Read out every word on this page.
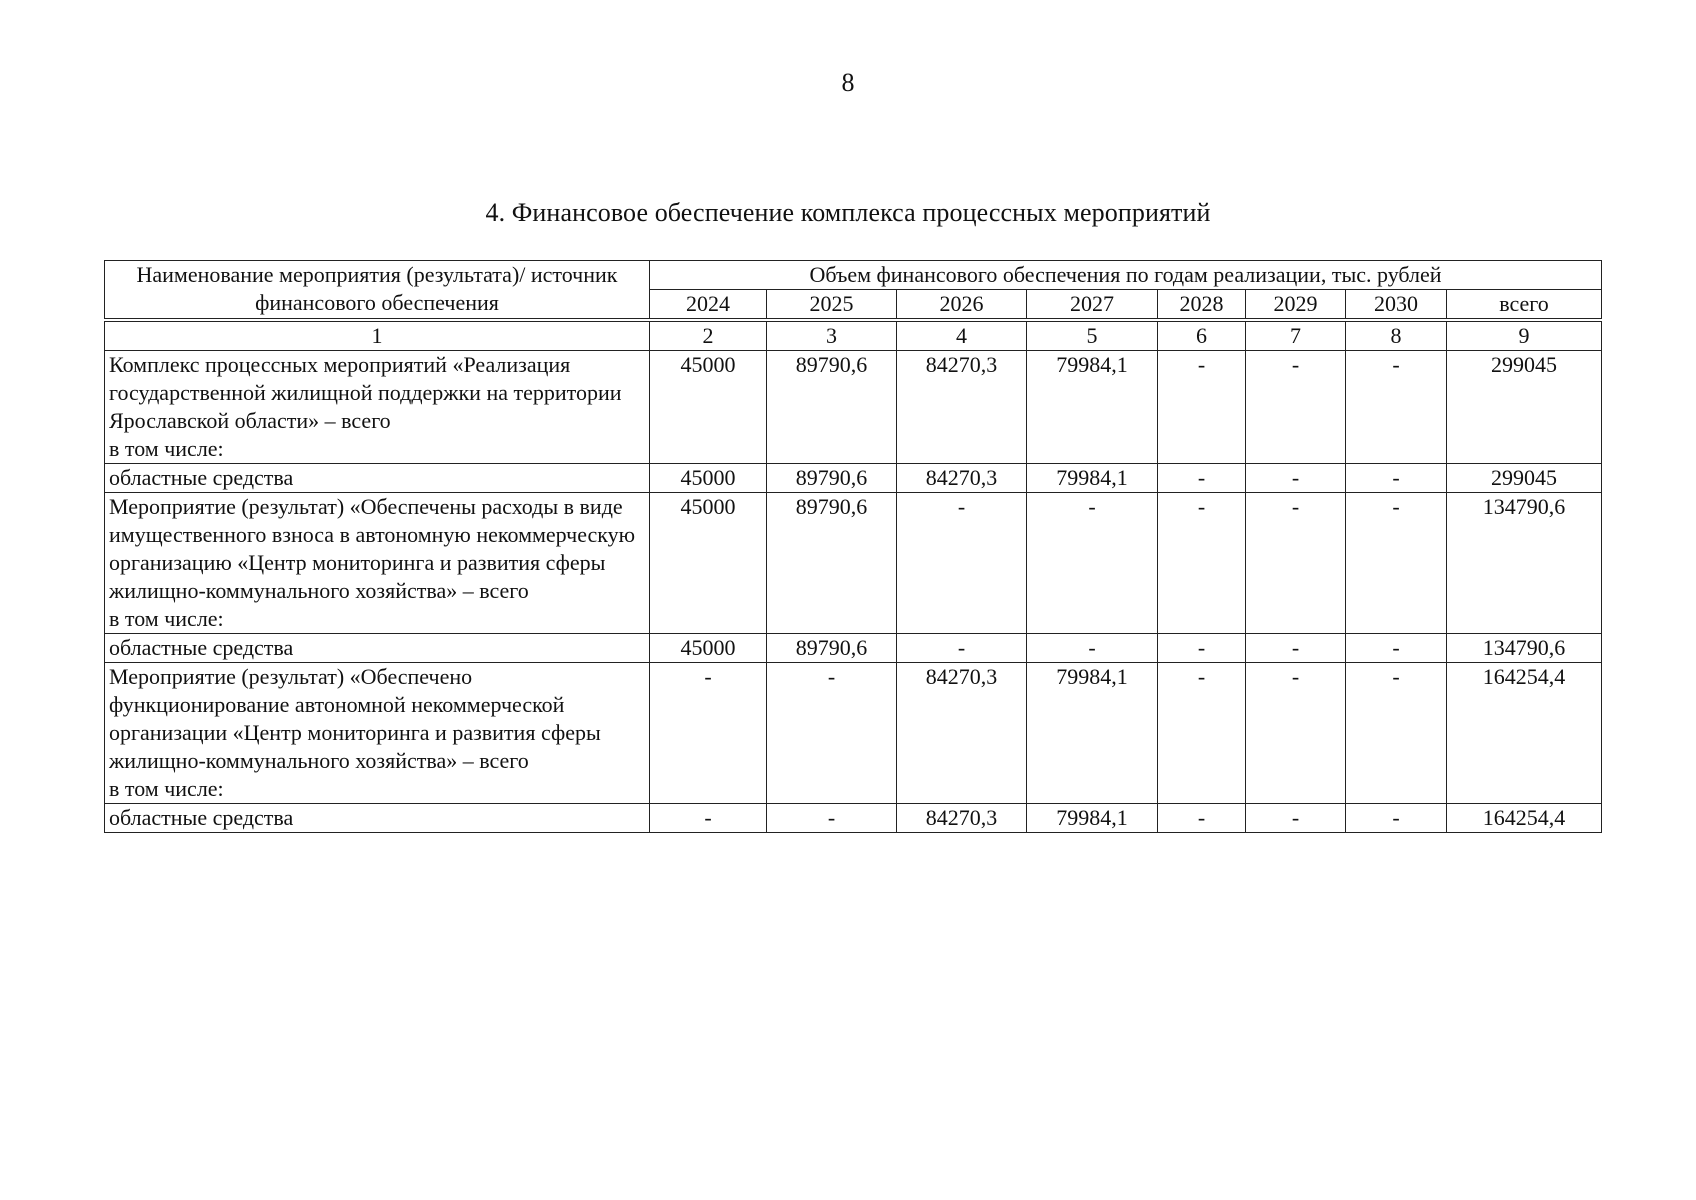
8
4. Финансовое обеспечение комплекса процессных мероприятий
Наименование мероприятия (результата)/ источник финансового обеспечения	Объем финансового обеспечения по годам реализации, тыс. рублей							
	2024	2025	2026	2027	2028	2029	2030	всего

1	2	3	4	5	6	7	8	9

Комплекс процессных мероприятий «Реализация государственной жилищной поддержки на территории Ярославской области» – всего
в том числе:	45000	89790,6	84270,3	79984,1	-	-	-	299045

областные средства	45000	89790,6	84270,3	79984,1	-	-	-	299045

Мероприятие (результат) «Обеспечены расходы в виде имущественного взноса в автономную некоммерческую организацию «Центр мониторинга и развития сферы жилищно-коммунального хозяйства» – всего
в том числе:	45000	89790,6	-	-	-	-	-	134790,6

областные средства	45000	89790,6	-	-	-	-	-	134790,6

Мероприятие (результат) «Обеспечено функционирование автономной некоммерческой организации «Центр мониторинга и развития сферы жилищно-коммунального хозяйства» – всего
в том числе:	-	-	84270,3	79984,1	-	-	-	164254,4

областные средства	-	-	84270,3	79984,1	-	-	-	164254,4
